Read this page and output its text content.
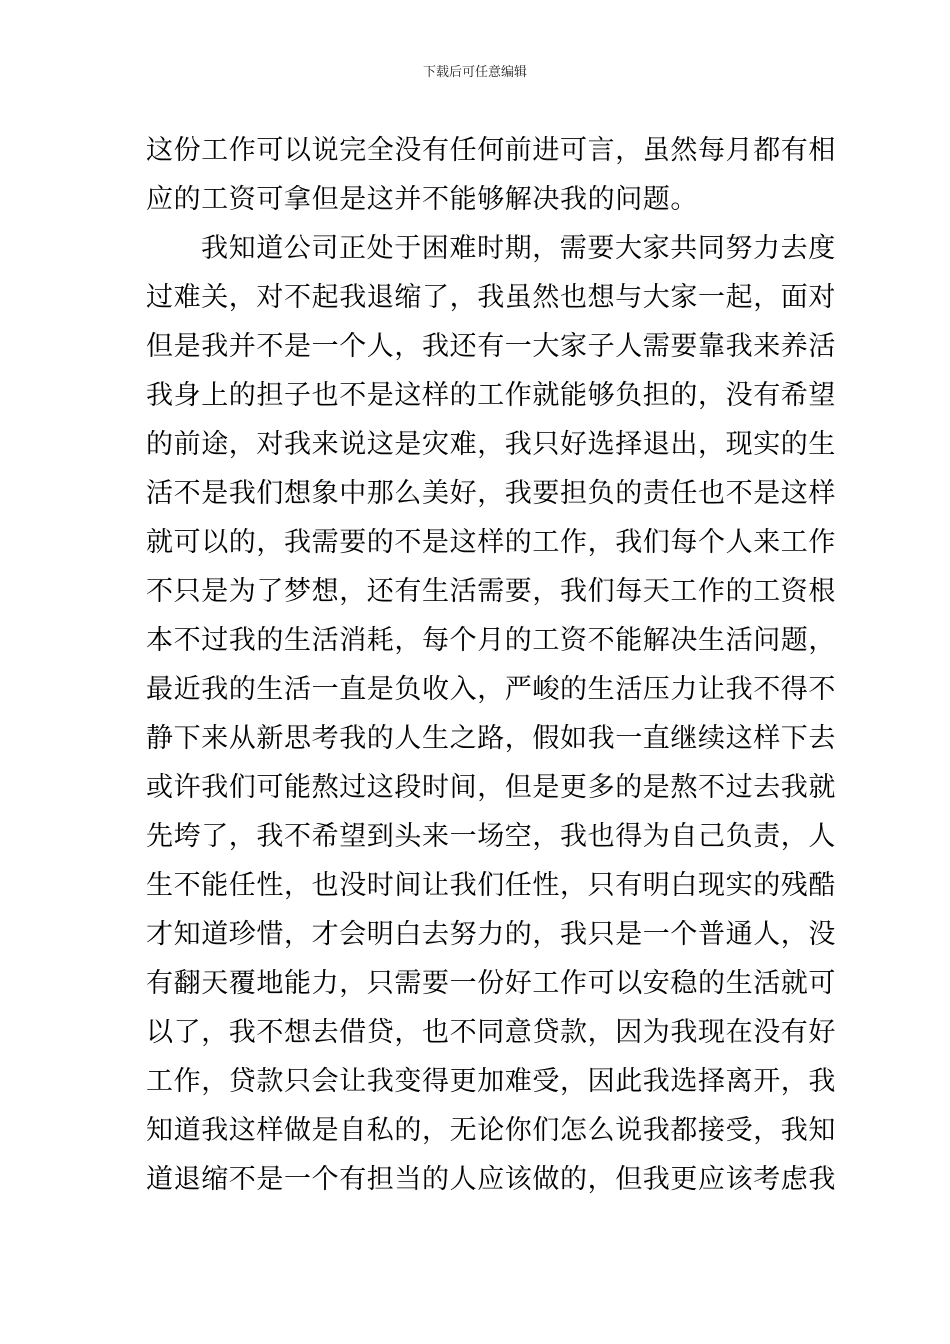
下载后可任意编辑
这份工作可以说完全没有任何前进可言，虽然每月都有相
应的工资可拿但是这并不能够解决我的问题。
我知道公司正处于困难时期，需要大家共同努力去度
过难关，对不起我退缩了，我虽然也想与大家一起，面对
但是我并不是一个人，我还有一大家子人需要靠我来养活
我身上的担子也不是这样的工作就能够负担的，没有希望
的前途，对我来说这是灾难，我只好选择退出，现实的生
活不是我们想象中那么美好，我要担负的责任也不是这样
就可以的，我需要的不是这样的工作，我们每个人来工作
不只是为了梦想，还有生活需要，我们每天工作的工资根
本不过我的生活消耗，每个月的工资不能解决生活问题，
最近我的生活一直是负收入，严峻的生活压力让我不得不
静下来从新思考我的人生之路，假如我一直继续这样下去
或许我们可能熬过这段时间，但是更多的是熬不过去我就
先垮了，我不希望到头来一场空，我也得为自己负责，人
生不能任性，也没时间让我们任性，只有明白现实的残酷
才知道珍惜，才会明白去努力的，我只是一个普通人，没
有翻天覆地能力，只需要一份好工作可以安稳的生活就可
以了，我不想去借贷，也不同意贷款，因为我现在没有好
工作，贷款只会让我变得更加难受，因此我选择离开，我
知道我这样做是自私的，无论你们怎么说我都接受，我知
道退缩不是一个有担当的人应该做的，但我更应该考虑我
